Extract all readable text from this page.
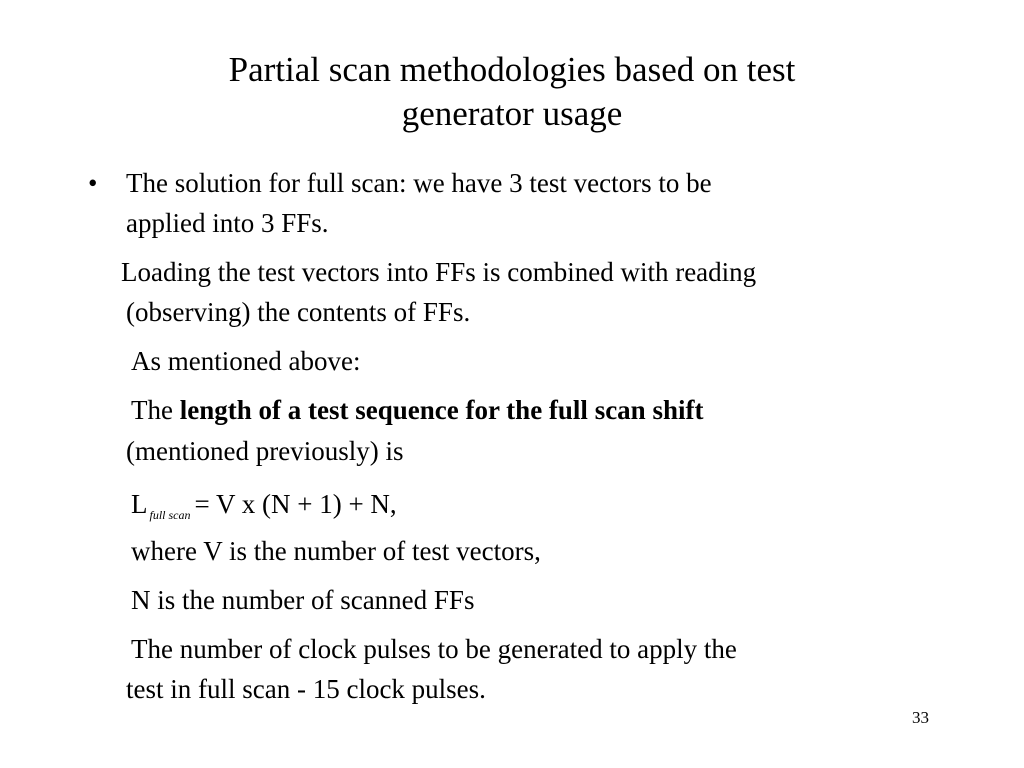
Partial scan methodologies based on test
generator usage
• The solution for full scan: we have 3 test vectors to be
applied into 3 FFs.
Loading the test vectors into FFs is combined with reading
(observing) the contents of FFs.
As mentioned above:
The length of a test sequence for the full scan shift
(mentioned previously) is
L $_{full scan}$ = V x (N + 1) + N,
where V is the number of test vectors,
N is the number of scanned FFs
The number of clock pulses to be generated to apply the
test in full scan - 15 clock pulses.
33
